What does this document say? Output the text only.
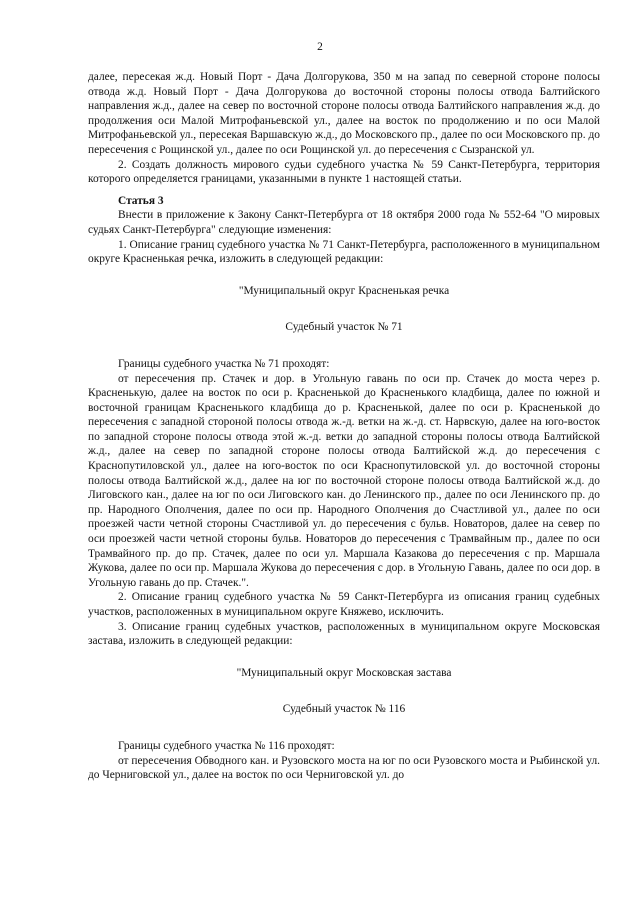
2

далее, пересекая ж.д. Новый Порт - Дача Долгорукова, 350 м на запад по северной стороне полосы отвода ж.д. Новый Порт - Дача Долгорукова до восточной стороны полосы отвода Балтийского направления ж.д., далее на север по восточной стороне полосы отвода Балтийского направления ж.д. до продолжения оси Малой Митрофаньевской ул., далее на восток по продолжению и по оси Малой Митрофаньевской ул., пересекая Варшавскую ж.д., до Московского пр., далее по оси Московского пр. до пересечения с Рощинской ул., далее по оси Рощинской ул. до пересечения с Сызранской ул.

2. Создать должность мирового судьи судебного участка № 59 Санкт-Петербурга, территория которого определяется границами, указанными в пункте 1 настоящей статьи.

Статья 3

Внести в приложение к Закону Санкт-Петербурга от 18 октября 2000 года № 552-64 "О мировых судьях Санкт-Петербурга" следующие изменения:

1. Описание границ судебного участка № 71 Санкт-Петербурга, расположенного в муниципальном округе Красненькая речка, изложить в следующей редакции:

"Муниципальный округ Красненькая речка

Судебный участок № 71

Границы судебного участка № 71 проходят:

от пересечения пр. Стачек и дор. в Угольную гавань по оси пр. Стачек до моста через р. Красненькую, далее на восток по оси р. Красненькой до Красненького кладбища, далее по южной и восточной границам Красненького кладбища до р. Красненькой, далее по оси р. Красненькой до пересечения с западной стороной полосы отвода ж.-д. ветки на ж.-д. ст. Нарвскую, далее на юго-восток по западной стороне полосы отвода этой ж.-д. ветки до западной стороны полосы отвода Балтийской ж.д., далее на север по западной стороне полосы отвода Балтийской ж.д. до пересечения с Краснопутиловской ул., далее на юго-восток по оси Краснопутиловской ул. до восточной стороны полосы отвода Балтийской ж.д., далее на юг по восточной стороне полосы отвода Балтийской ж.д. до Лиговского кан., далее на юг по оси Лиговского кан. до Ленинского пр., далее по оси Ленинского пр. до пр. Народного Ополчения, далее по оси пр. Народного Ополчения до Счастливой ул., далее по оси проезжей части четной стороны Счастливой ул. до пересечения с бульв. Новаторов, далее на север по оси проезжей части четной стороны бульв. Новаторов до пересечения с Трамвайным пр., далее по оси Трамвайного пр. до пр. Стачек, далее по оси ул. Маршала Казакова до пересечения с пр. Маршала Жукова, далее по оси пр. Маршала Жукова до пересечения с дор. в Угольную Гавань, далее по оси дор. в Угольную гавань до пр. Стачек.".

2. Описание границ судебного участка № 59 Санкт-Петербурга из описания границ судебных участков, расположенных в муниципальном округе Княжево, исключить.

3. Описание границ судебных участков, расположенных в муниципальном округе Московская застава, изложить в следующей редакции:

"Муниципальный округ Московская застава

Судебный участок № 116

Границы судебного участка № 116 проходят:

от пересечения Обводного кан. и Рузовского моста на юг по оси Рузовского моста и Рыбинской ул. до Черниговской ул., далее на восток по оси Черниговской ул. до
